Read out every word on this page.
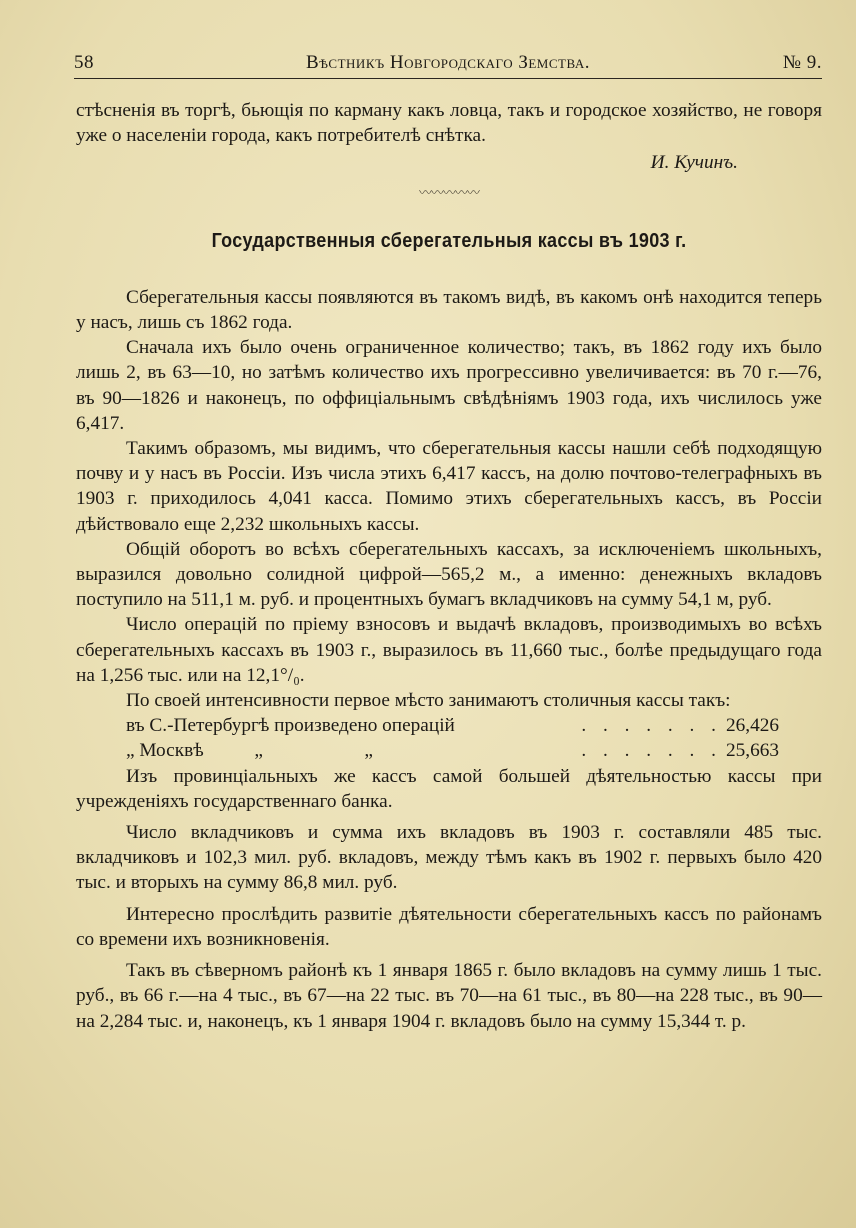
58	Вѣстникъ Новгородскаго Земства.	№ 9.

стѣсненія въ торгѣ, бьющія по карману какъ ловца, такъ и городское хозяйство, не говоря уже о населеніи города, какъ потребителѣ снѣтка.

И. Кучинъ.

〰〰〰〰〰

Государственныя сберегательныя кассы въ 1903 г.

Сберегательныя кассы появляются въ такомъ видѣ, въ какомъ онѣ находится теперь у насъ, лишь съ 1862 года.

Сначала ихъ было очень ограниченное количество; такъ, въ 1862 году ихъ было лишь 2, въ 63—10, но затѣмъ количество ихъ прогрессивно увеличивается: въ 70 г.—76, въ 90—1826 и наконецъ, по оффиціальнымъ свѣдѣніямъ 1903 года, ихъ числилось уже 6,417.

Такимъ образомъ, мы видимъ, что сберегательныя кассы нашли себѣ подходящую почву и у насъ въ Россіи. Изъ числа этихъ 6,417 кассъ, на долю почтово-телеграфныхъ въ 1903 г. приходилось 4,041 касса. Помимо этихъ сберегательныхъ кассъ, въ Россіи дѣйствовало еще 2,232 школьныхъ кассы.

Общій оборотъ во всѣхъ сберегательныхъ кассахъ, за исключеніемъ школьныхъ, выразился довольно солидной цифрой—565,2 м., а именно: денежныхъ вкладовъ поступило на 511,1 м. руб. и процентныхъ бумагъ вкладчиковъ на сумму 54,1 м, руб.

Число операцій по пріему взносовъ и выдачѣ вкладовъ, производимыхъ во всѣхъ сберегательныхъ кассахъ въ 1903 г., выразилось въ 11,660 тыс., болѣе предыдущаго года на 1,256 тыс. или на 12,1°/₀.

По своей интенсивности первое мѣсто занимаютъ столичныя кассы такъ:

въ С.-Петербургѣ произведено операцій	. . . . . . . 26,426
„ Москвѣ	„	„	. . . . . . . 25,663

Изъ провинціальныхъ же кассъ самой большей дѣятельностью кассы при учрежденіяхъ государственнаго банка.

Число вкладчиковъ и сумма ихъ вкладовъ въ 1903 г. составляли 485 тыс. вкладчиковъ и 102,3 мил. руб. вкладовъ, между тѣмъ какъ въ 1902 г. первыхъ было 420 тыс. и вторыхъ на сумму 86,8 мил. руб.

Интересно прослѣдить развитіе дѣятельности сберегательныхъ кассъ по районамъ со времени ихъ возникновенія.

Такъ въ сѣверномъ районѣ къ 1 января 1865 г. было вкладовъ на сумму лишь 1 тыс. руб., въ 66 г.—на 4 тыс., въ 67—на 22 тыс. въ 70—на 61 тыс., въ 80—на 228 тыс., въ 90—на 2,284 тыс. и, наконецъ, къ 1 января 1904 г. вкладовъ было на сумму 15,344 т. р.
